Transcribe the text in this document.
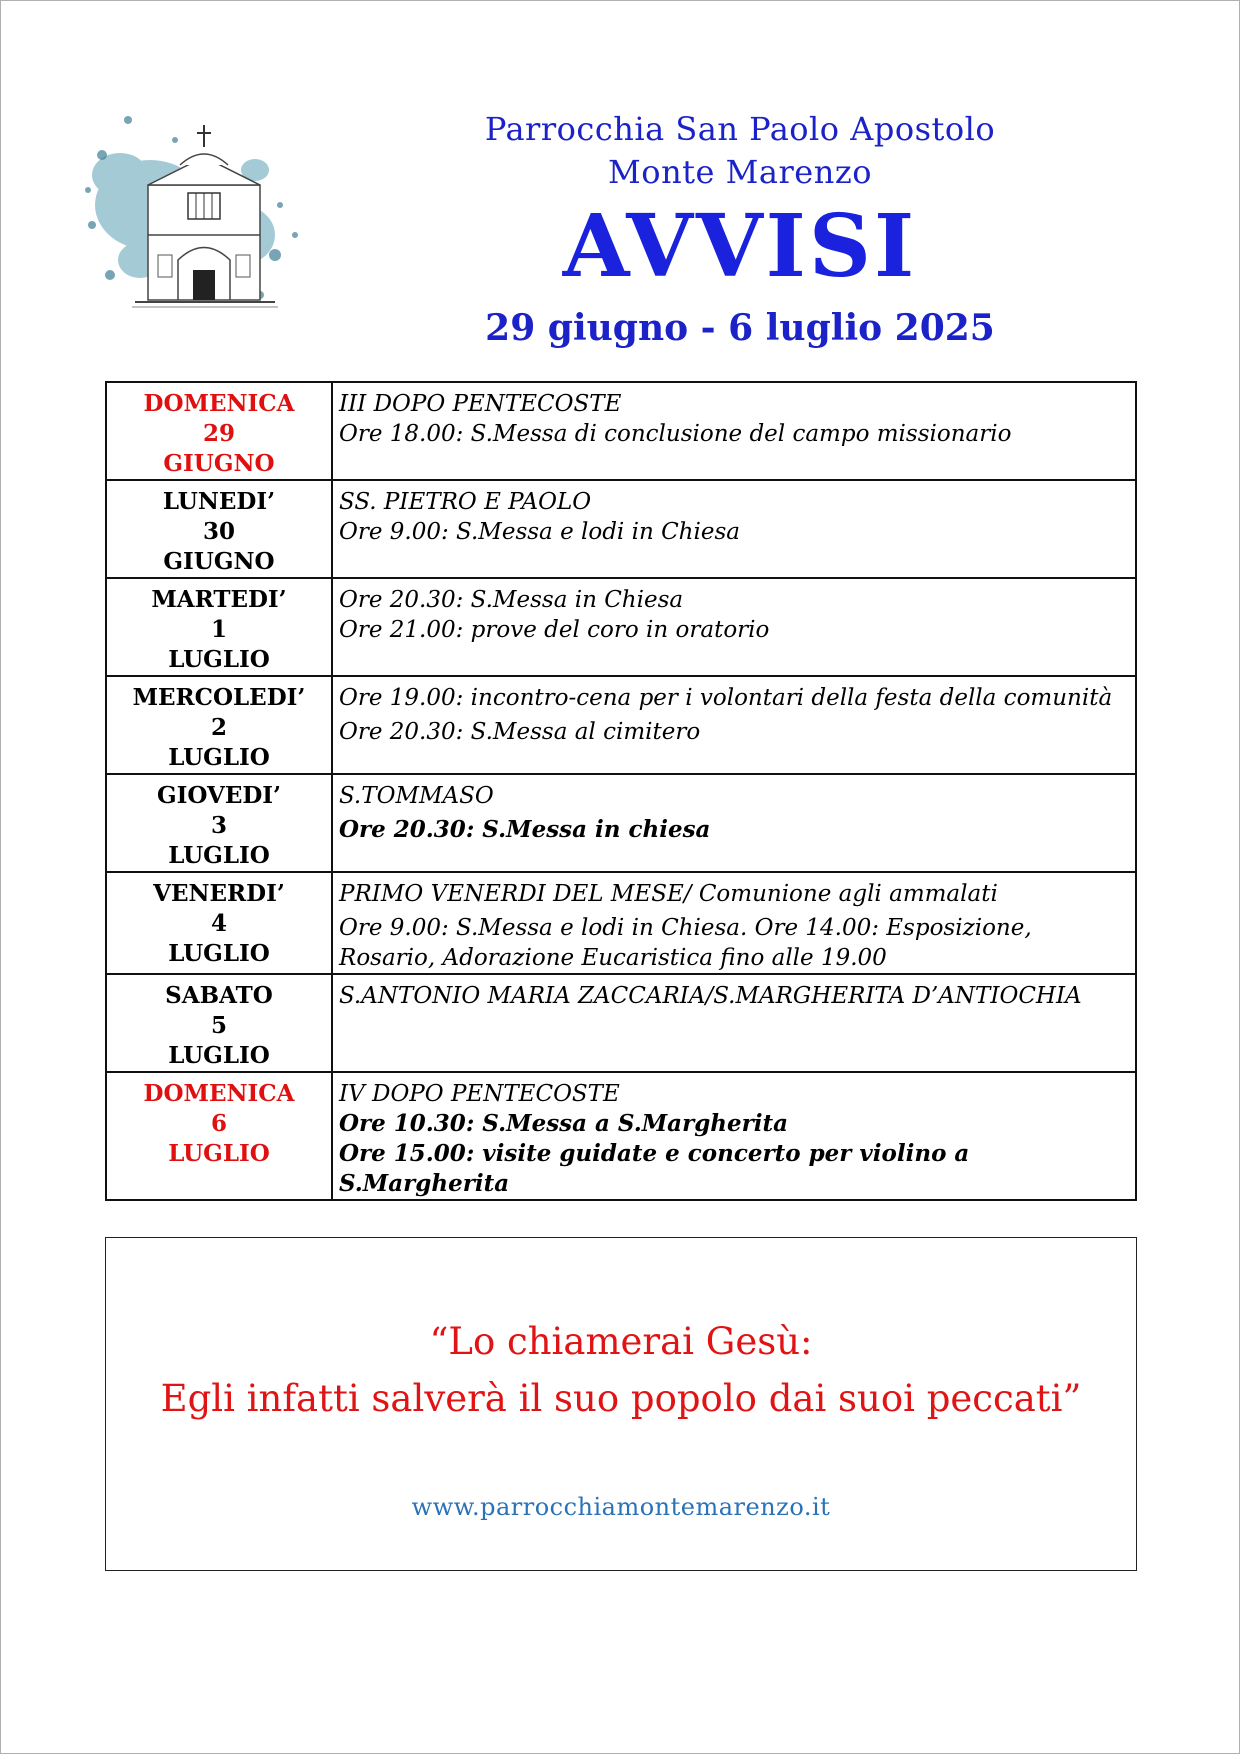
Parrocchia San Paolo Apostolo
Monte Marenzo
AVVISI
29 giugno - 6 luglio 2025
DOMENICA
29
GIUGNO	III DOPO PENTECOSTE
Ore 18.00: S.Messa di conclusione del campo missionario

LUNEDI’
30
GIUGNO	SS. PIETRO E PAOLO
Ore 9.00: S.Messa e lodi in Chiesa

MARTEDI’
1
LUGLIO	Ore 20.30: S.Messa in Chiesa
Ore 21.00: prove del coro in oratorio

MERCOLEDI’
2
LUGLIO	Ore 19.00: incontro-cena per i volontari della festa della comunità
Ore 20.30: S.Messa al cimitero

GIOVEDI’
3
LUGLIO	S.TOMMASO
Ore 20.30: S.Messa in chiesa

VENERDI’
4
LUGLIO	PRIMO VENERDI DEL MESE/ Comunione agli ammalati
Ore 9.00: S.Messa e lodi in Chiesa. Ore 14.00: Esposizione, Rosario, Adorazione Eucaristica fino alle 19.00

SABATO
5
LUGLIO	S.ANTONIO MARIA ZACCARIA/S.MARGHERITA D’ANTIOCHIA

DOMENICA
6
LUGLIO	IV DOPO PENTECOSTE
Ore 10.30: S.Messa a S.Margherita
Ore 15.00: visite guidate e concerto per violino a S.Margherita
“Lo chiamerai Gesù:
Egli infatti salverà il suo popolo dai suoi peccati”
www.parrocchiamontemarenzo.it
